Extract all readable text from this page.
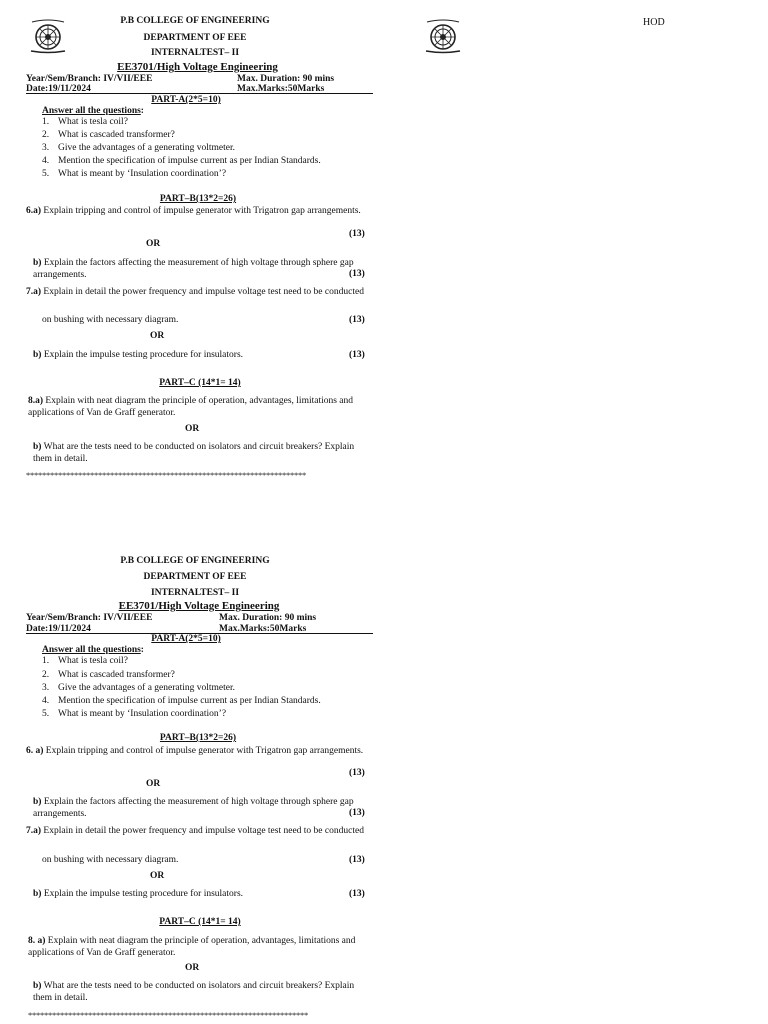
HOD
P.B COLLEGE OF ENGINEERING
DEPARTMENT OF EEE
INTERNALTEST– II
EE3701/High Voltage Engineering
Year/Sem/Branch: IV/VII/EEE	Max. Duration: 90 mins
Date:19/11/2024	Max.Marks:50Marks
PART-A(2*5=10)
Answer all the questions:
1. What is tesla coil?
2. What is cascaded transformer?
3. Give the advantages of a generating voltmeter.
4. Mention the specification of impulse current as per Indian Standards.
5. What is meant by ‘Insulation coordination’?
PART–B(13*2=26)
6.a) Explain tripping and control of impulse generator with Trigatron gap arrangements.
(13)
OR
b) Explain the factors affecting the measurement of high voltage through sphere gap arrangements.	(13)
7.a) Explain in detail the power frequency and impulse voltage test need to be conducted
on bushing with necessary diagram.	(13)
OR
b) Explain the impulse testing procedure for insulators.	(13)
PART–C (14*1= 14)
8.a) Explain with neat diagram the principle of operation, advantages, limitations and applications of Van de Graff generator.
OR
b) What are the tests need to be conducted on isolators and circuit breakers? Explain them in detail.
**********************************************************************
P.B COLLEGE OF ENGINEERING
DEPARTMENT OF EEE
INTERNALTEST– II
EE3701/High Voltage Engineering
Year/Sem/Branch: IV/VII/EEE	Max. Duration: 90 mins
Date:19/11/2024	Max.Marks:50Marks
PART-A(2*5=10)
Answer all the questions:
1. What is tesla coil?
2. What is cascaded transformer?
3. Give the advantages of a generating voltmeter.
4. Mention the specification of impulse current as per Indian Standards.
5. What is meant by ‘Insulation coordination’?
PART–B(13*2=26)
6. a) Explain tripping and control of impulse generator with Trigatron gap arrangements.
(13)
OR
b) Explain the factors affecting the measurement of high voltage through sphere gap arrangements.	(13)
7.a) Explain in detail the power frequency and impulse voltage test need to be conducted
on bushing with necessary diagram.	(13)
OR
b) Explain the impulse testing procedure for insulators.	(13)
PART–C (14*1= 14)
8. a) Explain with neat diagram the principle of operation, advantages, limitations and applications of Van de Graff generator.
OR
b) What are the tests need to be conducted on isolators and circuit breakers? Explain them in detail.
**********************************************************************
